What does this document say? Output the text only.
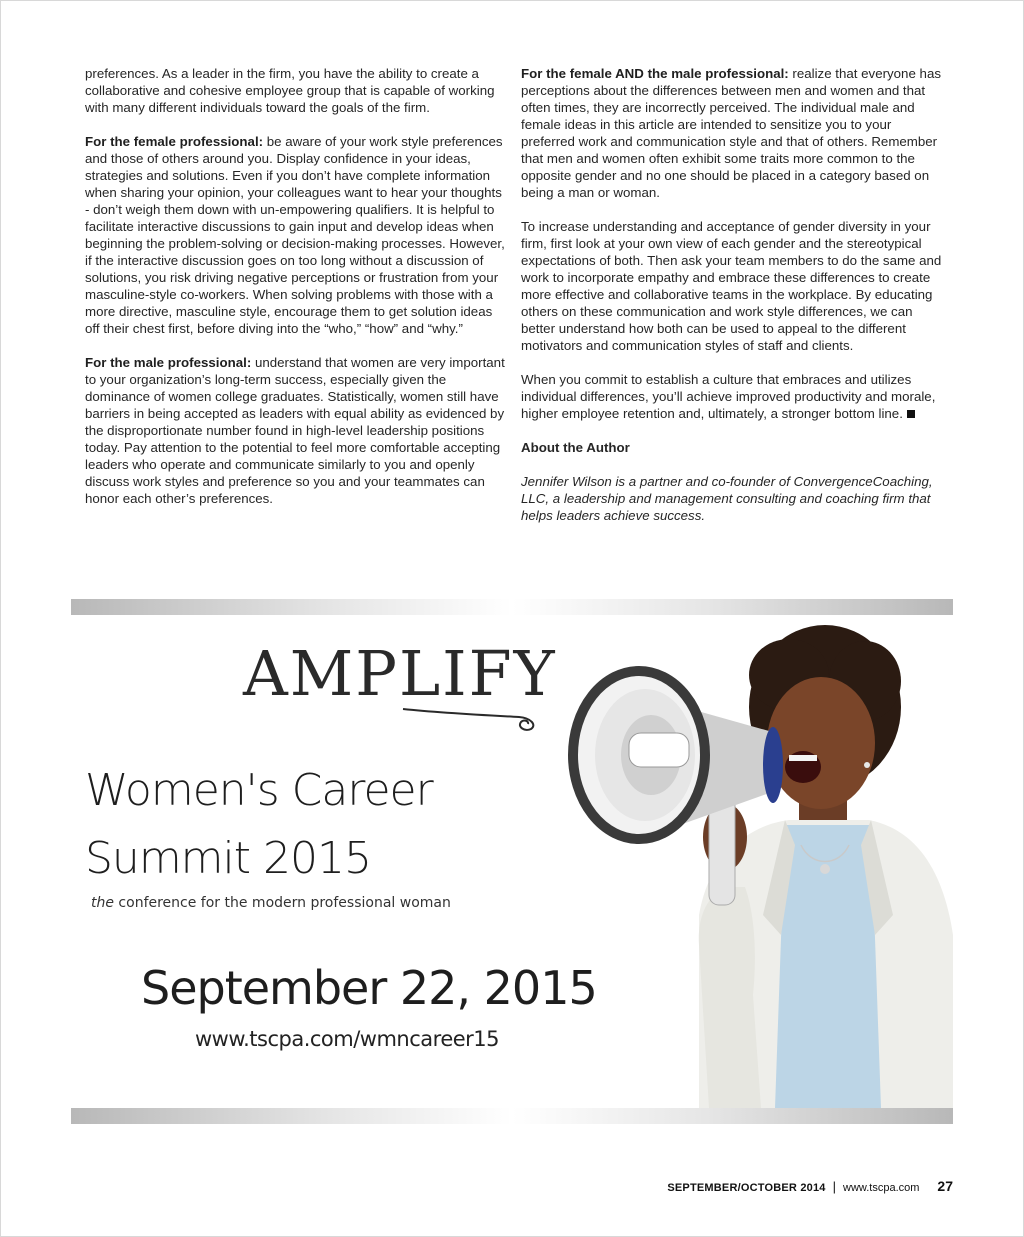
preferences. As a leader in the firm, you have the ability to create a collaborative and cohesive employee group that is capable of working with many different individuals toward the goals of the firm.

For the female professional: be aware of your work style preferences and those of others around you. Display confidence in your ideas, strategies and solutions. Even if you don’t have complete information when sharing your opinion, your colleagues want to hear your thoughts - don’t weigh them down with un-empowering qualifiers. It is helpful to facilitate interactive discussions to gain input and develop ideas when beginning the problem-solving or decision-making processes. However, if the interactive discussion goes on too long without a discussion of solutions, you risk driving negative perceptions or frustration from your masculine-style co-workers. When solving problems with those with a more directive, masculine style, encourage them to get solution ideas off their chest first, before diving into the “who,” “how” and “why.”

For the male professional: understand that women are very important to your organization’s long-term success, especially given the dominance of women college graduates. Statistically, women still have barriers in being accepted as leaders with equal ability as evidenced by the disproportionate number found in high-level leadership positions today. Pay attention to the potential to feel more comfortable accepting leaders who operate and communicate similarly to you and openly discuss work styles and preference so you and your teammates can honor each other’s preferences.

For the female AND the male professional: realize that everyone has perceptions about the differences between men and women and that often times, they are incorrectly perceived. The individual male and female ideas in this article are intended to sensitize you to your preferred work and communication style and that of others. Remember that men and women often exhibit some traits more common to the opposite gender and no one should be placed in a category based on being a man or woman.

To increase understanding and acceptance of gender diversity in your firm, first look at your own view of each gender and the stereotypical expectations of both. Then ask your team members to do the same and work to incorporate empathy and embrace these differences to create more effective and collaborative teams in the workplace. By educating others on these communication and work style differences, we can better understand how both can be used to appeal to the different motivators and communication styles of staff and clients.

When you commit to establish a culture that embraces and utilizes individual differences, you’ll achieve improved productivity and morale, higher employee retention and, ultimately, a stronger bottom line.

About the Author

Jennifer Wilson is a partner and co-founder of ConvergenceCoaching, LLC, a leadership and management consulting and coaching firm that helps leaders achieve success.

AMPLIFY
Women's Career
Summit 2015
the conference for the modern professional woman
September 22, 2015
www.tscpa.com/wmncareer15
SEPTEMBER/OCTOBER 2014 | www.tscpa.com 27
